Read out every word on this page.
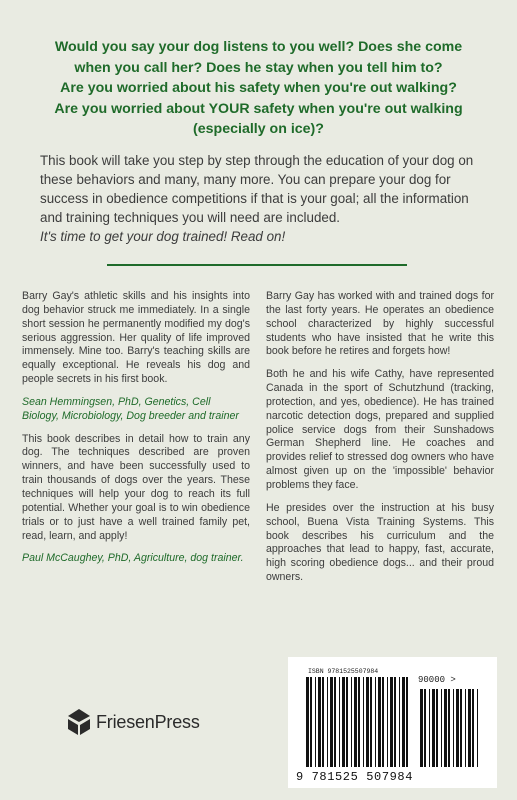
Would you say your dog listens to you well? Does she come
when you call her? Does he stay when you tell him to?
Are you worried about his safety when you're out walking?
Are you worried about YOUR safety when you're out walking
(especially on ice)?

This book will take you step by step through the education of your dog on these behaviors and many, many more. You can prepare your dog for success in obedience competitions if that is your goal; all the information and training techniques you will need are included.

It's time to get your dog trained! Read on!

Barry Gay's athletic skills and his insights into dog behavior struck me immediately. In a single short session he permanently modified my dog's serious aggression. Her quality of life improved immensely. Mine too. Barry's teaching skills are equally exceptional. He reveals his dog and people secrets in his first book.

Sean Hemmingsen, PhD, Genetics, Cell Biology, Microbiology, Dog breeder and trainer

This book describes in detail how to train any dog. The techniques described are proven winners, and have been successfully used to train thousands of dogs over the years. These techniques will help your dog to reach its full potential. Whether your goal is to win obedience trials or to just have a well trained family pet, read, learn, and apply!

Paul McCaughey, PhD, Agriculture, dog trainer.

Barry Gay has worked with and trained dogs for the last forty years. He operates an obedience school characterized by highly successful students who have insisted that he write this book before he retires and forgets how!

Both he and his wife Cathy, have represented Canada in the sport of Schutzhund (tracking, protection, and yes, obedience). He has trained narcotic detection dogs, prepared and supplied police service dogs from their Sunshadows German Shepherd line. He coaches and provides relief to stressed dog owners who have almost given up on the 'impossible' behavior problems they face.

He presides over the instruction at his busy school, Buena Vista Training Systems. This book describes his curriculum and the approaches that lead to happy, fast, accurate, high scoring obedience dogs... and their proud owners.

FriesenPress
ISBN 978152550798​4
90000 >
9 781525 507984
